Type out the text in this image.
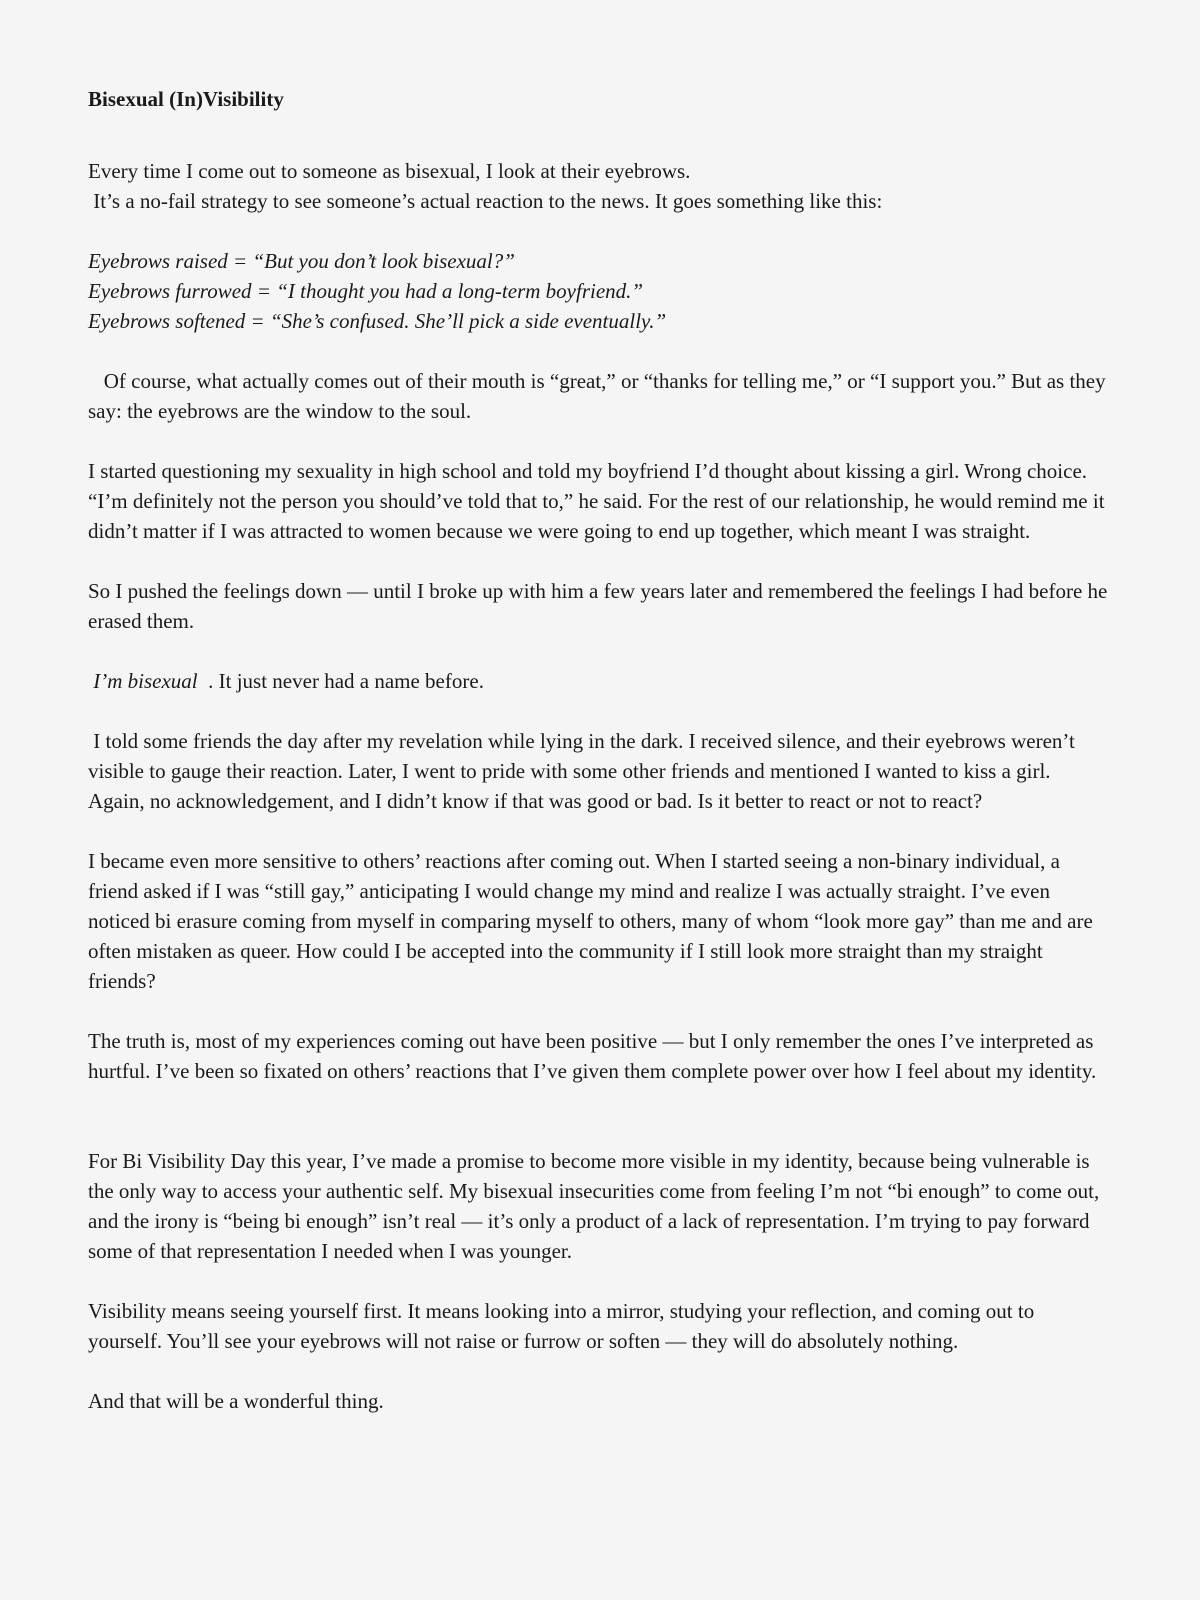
Bisexual (In)Visibility

Every time I come out to someone as bisexual, I look at their eyebrows.

It’s a no-fail strategy to see someone’s actual reaction to the news. It goes something like this:

Eyebrows raised = “But you don’t look bisexual?”

Eyebrows furrowed = “I thought you had a long-term boyfriend.”

Eyebrows softened = “She’s confused. She’ll pick a side eventually.”

Of course, what actually comes out of their mouth is “great,” or “thanks for telling me,” or “I support you.” But as they say: the eyebrows are the window to the soul.

I started questioning my sexuality in high school and told my boyfriend I’d thought about kissing a girl. Wrong choice. “I’m definitely not the person you should’ve told that to,” he said. For the rest of our relationship, he would remind me it didn’t matter if I was attracted to women because we were going to end up together, which meant I was straight.

So I pushed the feelings down — until I broke up with him a few years later and remembered the feelings I had before he erased them.

I’m bisexual  . It just never had a name before.

I told some friends the day after my revelation while lying in the dark. I received silence, and their eyebrows weren’t visible to gauge their reaction. Later, I went to pride with some other friends and mentioned I wanted to kiss a girl. Again, no acknowledgement, and I didn’t know if that was good or bad. Is it better to react or not to react?

I became even more sensitive to others’ reactions after coming out. When I started seeing a non-binary individual, a friend asked if I was “still gay,” anticipating I would change my mind and realize I was actually straight. I’ve even noticed bi erasure coming from myself in comparing myself to others, many of whom “look more gay” than me and are often mistaken as queer. How could I be accepted into the community if I still look more straight than my straight friends?

The truth is, most of my experiences coming out have been positive — but I only remember the ones I’ve interpreted as hurtful. I’ve been so fixated on others’ reactions that I’ve given them complete power over how I feel about my identity.

For Bi Visibility Day this year, I’ve made a promise to become more visible in my identity, because being vulnerable is the only way to access your authentic self. My bisexual insecurities come from feeling I’m not “bi enough” to come out, and the irony is “being bi enough” isn’t real — it’s only a product of a lack of representation. I’m trying to pay forward some of that representation I needed when I was younger.

Visibility means seeing yourself first. It means looking into a mirror, studying your reflection, and coming out to yourself. You’ll see your eyebrows will not raise or furrow or soften — they will do absolutely nothing.

And that will be a wonderful thing.
